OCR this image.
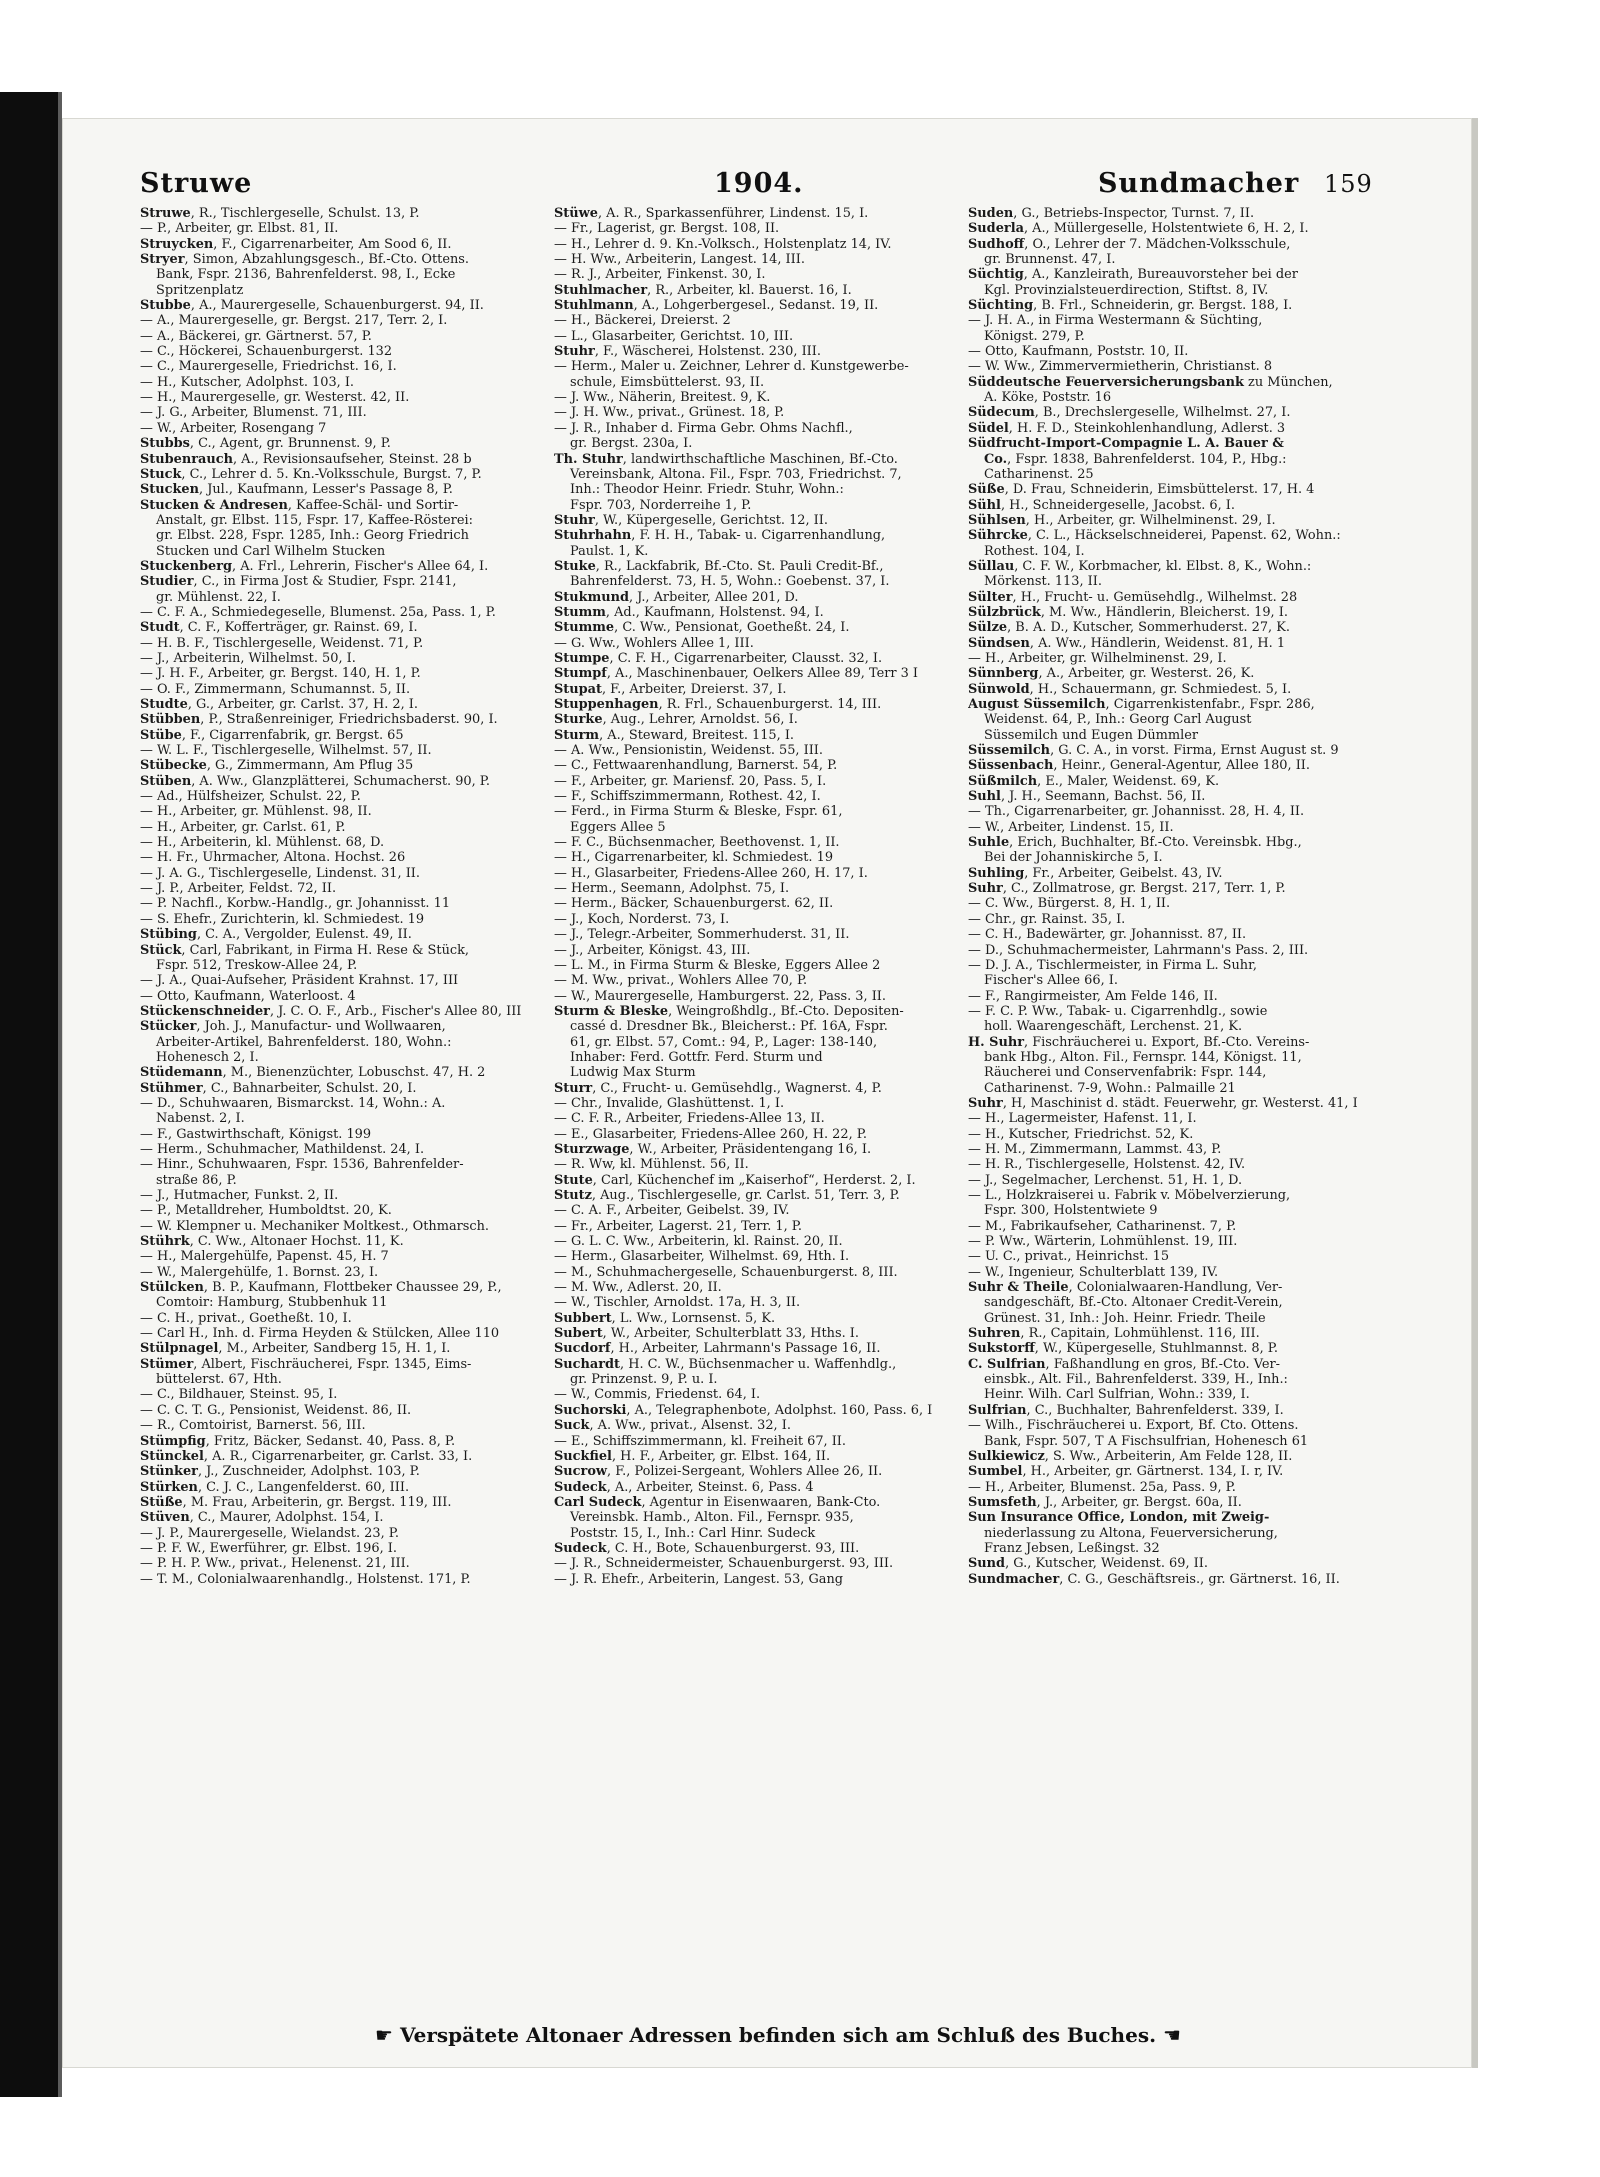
Struwe	1904.	Sundmacher 159
Struwe, R., Tischlergeselle, Schulst. 13, P.
— P., Arbeiter, gr. Elbst. 81, II.
Struycken, F., Cigarrenarbeiter, Am Sood 6, II.
Stryer, Simon, Abzahlungsgesch., Bf.-Cto. Ottens.
Bank, Fspr. 2136, Bahrenfelderst. 98, I., Ecke
Spritzenplatz
Stubbe, A., Maurergeselle, Schauenburgerst. 94, II.
— A., Maurergeselle, gr. Bergst. 217, Terr. 2, I.
— A., Bäckerei, gr. Gärtnerst. 57, P.
— C., Höckerei, Schauenburgerst. 132
— C., Maurergeselle, Friedrichst. 16, I.
— H., Kutscher, Adolphst. 103, I.
— H., Maurergeselle, gr. Westerst. 42, II.
— J. G., Arbeiter, Blumenst. 71, III.
— W., Arbeiter, Rosengang 7
Stubbs, C., Agent, gr. Brunnenst. 9, P.
Stubenrauch, A., Revisionsaufseher, Steinst. 28 b
Stuck, C., Lehrer d. 5. Kn.-Volksschule, Burgst. 7, P.
Stucken, Jul., Kaufmann, Lesser's Passage 8, P.
Stucken & Andresen, Kaffee-Schäl- und Sortir-
Anstalt, gr. Elbst. 115, Fspr. 17, Kaffee-Rösterei:
gr. Elbst. 228, Fspr. 1285, Inh.: Georg Friedrich
Stucken und Carl Wilhelm Stucken
Stuckenberg, A. Frl., Lehrerin, Fischer's Allee 64, I.
Studier, C., in Firma Jost & Studier, Fspr. 2141,
gr. Mühlenst. 22, I.
— C. F. A., Schmiedegeselle, Blumenst. 25a, Pass. 1, P.
Studt, C. F., Kofferträger, gr. Rainst. 69, I.
— H. B. F., Tischlergeselle, Weidenst. 71, P.
— J., Arbeiterin, Wilhelmst. 50, I.
— J. H. F., Arbeiter, gr. Bergst. 140, H. 1, P.
— O. F., Zimmermann, Schumannst. 5, II.
Studte, G., Arbeiter, gr. Carlst. 37, H. 2, I.
Stübben, P., Straßenreiniger, Friedrichsbaderst. 90, I.
Stübe, F., Cigarrenfabrik, gr. Bergst. 65
— W. L. F., Tischlergeselle, Wilhelmst. 57, II.
Stübecke, G., Zimmermann, Am Pflug 35
Stüben, A. Ww., Glanzplätterei, Schumacherst. 90, P.
— Ad., Hülfsheizer, Schulst. 22, P.
— H., Arbeiter, gr. Mühlenst. 98, II.
— H., Arbeiter, gr. Carlst. 61, P.
— H., Arbeiterin, kl. Mühlenst. 68, D.
— H. Fr., Uhrmacher, Altona. Hochst. 26
— J. A. G., Tischlergeselle, Lindenst. 31, II.
— J. P., Arbeiter, Feldst. 72, II.
— P. Nachfl., Korbw.-Handlg., gr. Johannisst. 11
— S. Ehefr., Zurichterin, kl. Schmiedest. 19
Stübing, C. A., Vergolder, Eulenst. 49, II.
Stück, Carl, Fabrikant, in Firma H. Rese & Stück,
Fspr. 512, Treskow-Allee 24, P.
— J. A., Quai-Aufseher, Präsident Krahnst. 17, III
— Otto, Kaufmann, Waterloost. 4
Stückenschneider, J. C. O. F., Arb., Fischer's Allee 80, III
Stücker, Joh. J., Manufactur- und Wollwaaren,
Arbeiter-Artikel, Bahrenfelderst. 180, Wohn.:
Hohenesch 2, I.
Stüdemann, M., Bienenzüchter, Lobuschst. 47, H. 2
Stühmer, C., Bahnarbeiter, Schulst. 20, I.
— D., Schuhwaaren, Bismarckst. 14, Wohn.: A.
Nabenst. 2, I.
— F., Gastwirthschaft, Königst. 199
— Herm., Schuhmacher, Mathildenst. 24, I.
— Hinr., Schuhwaaren, Fspr. 1536, Bahrenfelder-
straße 86, P.
— J., Hutmacher, Funkst. 2, II.
— P., Metalldreher, Humboldtst. 20, K.
— W. Klempner u. Mechaniker Moltkest., Othmarsch.
Stührk, C. Ww., Altonaer Hochst. 11, K.
— H., Malergehülfe, Papenst. 45, H. 7
— W., Malergehülfe, 1. Bornst. 23, I.
Stülcken, B. P., Kaufmann, Flottbeker Chaussee 29, P.,
Comtoir: Hamburg, Stubbenhuk 11
— C. H., privat., Goetheßt. 10, I.
— Carl H., Inh. d. Firma Heyden & Stülcken, Allee 110
Stülpnagel, M., Arbeiter, Sandberg 15, H. 1, I.
Stümer, Albert, Fischräucherei, Fspr. 1345, Eims-
büttelerst. 67, Hth.
— C., Bildhauer, Steinst. 95, I.
— C. C. T. G., Pensionist, Weidenst. 86, II.
— R., Comtoirist, Barnerst. 56, III.
Stümpfig, Fritz, Bäcker, Sedanst. 40, Pass. 8, P.
Stünckel, A. R., Cigarrenarbeiter, gr. Carlst. 33, I.
Stünker, J., Zuschneider, Adolphst. 103, P.
Stürken, C. J. C., Langenfelderst. 60, III.
Stüße, M. Frau, Arbeiterin, gr. Bergst. 119, III.
Stüven, C., Maurer, Adolphst. 154, I.
— J. P., Maurergeselle, Wielandst. 23, P.
— P. F. W., Ewerführer, gr. Elbst. 196, I.
— P. H. P. Ww., privat., Helenenst. 21, III.
— T. M., Colonialwaarenhandlg., Holstenst. 171, P.
Stüwe, A. R., Sparkassenführer, Lindenst. 15, I.
— Fr., Lagerist, gr. Bergst. 108, II.
— H., Lehrer d. 9. Kn.-Volksch., Holstenplatz 14, IV.
— H. Ww., Arbeiterin, Langest. 14, III.
— R. J., Arbeiter, Finkenst. 30, I.
Stuhlmacher, R., Arbeiter, kl. Bauerst. 16, I.
Stuhlmann, A., Lohgerbergesel., Sedanst. 19, II.
— H., Bäckerei, Dreierst. 2
— L., Glasarbeiter, Gerichtst. 10, III.
Stuhr, F., Wäscherei, Holstenst. 230, III.
— Herm., Maler u. Zeichner, Lehrer d. Kunstgewerbe-
schule, Eimsbüttelerst. 93, II.
— J. Ww., Näherin, Breitest. 9, K.
— J. H. Ww., privat., Grünest. 18, P.
— J. R., Inhaber d. Firma Gebr. Ohms Nachfl.,
gr. Bergst. 230a, I.
Th. Stuhr, landwirthschaftliche Maschinen, Bf.-Cto.
Vereinsbank, Altona. Fil., Fspr. 703, Friedrichst. 7,
Inh.: Theodor Heinr. Friedr. Stuhr, Wohn.:
Fspr. 703, Norderreihe 1, P.
Stuhr, W., Küpergeselle, Gerichtst. 12, II.
Stuhrhahn, F. H. H., Tabak- u. Cigarrenhandlung,
Paulst. 1, K.
Stuke, R., Lackfabrik, Bf.-Cto. St. Pauli Credit-Bf.,
Bahrenfelderst. 73, H. 5, Wohn.: Goebenst. 37, I.
Stukmund, J., Arbeiter, Allee 201, D.
Stumm, Ad., Kaufmann, Holstenst. 94, I.
Stumme, C. Ww., Pensionat, Goetheßt. 24, I.
— G. Ww., Wohlers Allee 1, III.
Stumpe, C. F. H., Cigarrenarbeiter, Clausst. 32, I.
Stumpf, A., Maschinenbauer, Oelkers Allee 89, Terr 3 I
Stupat, F., Arbeiter, Dreierst. 37, I.
Stuppenhagen, R. Frl., Schauenburgerst. 14, III.
Sturke, Aug., Lehrer, Arnoldst. 56, I.
Sturm, A., Steward, Breitest. 115, I.
— A. Ww., Pensionistin, Weidenst. 55, III.
— C., Fettwaarenhandlung, Barnerst. 54, P.
— F., Arbeiter, gr. Mariensf. 20, Pass. 5, I.
— F., Schiffszimmermann, Rothest. 42, I.
— Ferd., in Firma Sturm & Bleske, Fspr. 61,
Eggers Allee 5
— F. C., Büchsenmacher, Beethovenst. 1, II.
— H., Cigarrenarbeiter, kl. Schmiedest. 19
— H., Glasarbeiter, Friedens-Allee 260, H. 17, I.
— Herm., Seemann, Adolphst. 75, I.
— Herm., Bäcker, Schauenburgerst. 62, II.
— J., Koch, Norderst. 73, I.
— J., Telegr.-Arbeiter, Sommerhuderst. 31, II.
— J., Arbeiter, Königst. 43, III.
— L. M., in Firma Sturm & Bleske, Eggers Allee 2
— M. Ww., privat., Wohlers Allee 70, P.
— W., Maurergeselle, Hamburgerst. 22, Pass. 3, II.
Sturm & Bleske, Weingroßhdlg., Bf.-Cto. Depositen-
cassé d. Dresdner Bk., Bleicherst.: Pf. 16A, Fspr.
61, gr. Elbst. 57, Comt.: 94, P., Lager: 138-140,
Inhaber: Ferd. Gottfr. Ferd. Sturm und
Ludwig Max Sturm
Sturr, C., Frucht- u. Gemüsehdlg., Wagnerst. 4, P.
— Chr., Invalide, Glashüttenst. 1, I.
— C. F. R., Arbeiter, Friedens-Allee 13, II.
— E., Glasarbeiter, Friedens-Allee 260, H. 22, P.
Sturzwage, W., Arbeiter, Präsidentengang 16, I.
— R. Ww, kl. Mühlenst. 56, II.
Stute, Carl, Küchenchef im „Kaiserhof“, Herderst. 2, I.
Stutz, Aug., Tischlergeselle, gr. Carlst. 51, Terr. 3, P.
— C. A. F., Arbeiter, Geibelst. 39, IV.
— Fr., Arbeiter, Lagerst. 21, Terr. 1, P.
— G. L. C. Ww., Arbeiterin, kl. Rainst. 20, II.
— Herm., Glasarbeiter, Wilhelmst. 69, Hth. I.
— M., Schuhmachergeselle, Schauenburgerst. 8, III.
— M. Ww., Adlerst. 20, II.
— W., Tischler, Arnoldst. 17a, H. 3, II.
Subbert, L. Ww., Lornsenst. 5, K.
Subert, W., Arbeiter, Schulterblatt 33, Hths. I.
Sucdorf, H., Arbeiter, Lahrmann's Passage 16, II.
Suchardt, H. C. W., Büchsenmacher u. Waffenhdlg.,
gr. Prinzenst. 9, P. u. I.
— W., Commis, Friedenst. 64, I.
Suchorski, A., Telegraphenbote, Adolphst. 160, Pass. 6, I
Suck, A. Ww., privat., Alsenst. 32, I.
— E., Schiffszimmermann, kl. Freiheit 67, II.
Suckfiel, H. F., Arbeiter, gr. Elbst. 164, II.
Sucrow, F., Polizei-Sergeant, Wohlers Allee 26, II.
Sudeck, A., Arbeiter, Steinst. 6, Pass. 4
Carl Sudeck, Agentur in Eisenwaaren, Bank-Cto.
Vereinsbk. Hamb., Alton. Fil., Fernspr. 935,
Poststr. 15, I., Inh.: Carl Hinr. Sudeck
Sudeck, C. H., Bote, Schauenburgerst. 93, III.
— J. R., Schneidermeister, Schauenburgerst. 93, III.
— J. R. Ehefr., Arbeiterin, Langest. 53, Gang
Suden, G., Betriebs-Inspector, Turnst. 7, II.
Suderla, A., Müllergeselle, Holstentwiete 6, H. 2, I.
Sudhoff, O., Lehrer der 7. Mädchen-Volksschule,
gr. Brunnenst. 47, I.
Süchtig, A., Kanzleirath, Bureauvorsteher bei der
Kgl. Provinzialsteuerdirection, Stiftst. 8, IV.
Süchting, B. Frl., Schneiderin, gr. Bergst. 188, I.
— J. H. A., in Firma Westermann & Süchting,
Königst. 279, P.
— Otto, Kaufmann, Poststr. 10, II.
— W. Ww., Zimmervermietherin, Christianst. 8
Süddeutsche Feuerversicherungsbank zu München,
A. Köke, Poststr. 16
Südecum, B., Drechslergeselle, Wilhelmst. 27, I.
Südel, H. F. D., Steinkohlenhandlung, Adlerst. 3
Südfrucht-Import-Compagnie L. A. Bauer &
Co., Fspr. 1838, Bahrenfelderst. 104, P., Hbg.:
Catharinenst. 25
Süße, D. Frau, Schneiderin, Eimsbüttelerst. 17, H. 4
Sühl, H., Schneidergeselle, Jacobst. 6, I.
Sühlsen, H., Arbeiter, gr. Wilhelminenst. 29, I.
Sührcke, C. L., Häckselschneiderei, Papenst. 62, Wohn.:
Rothest. 104, I.
Süllau, C. F. W., Korbmacher, kl. Elbst. 8, K., Wohn.:
Mörkenst. 113, II.
Sülter, H., Frucht- u. Gemüsehdlg., Wilhelmst. 28
Sülzbrück, M. Ww., Händlerin, Bleicherst. 19, I.
Sülze, B. A. D., Kutscher, Sommerhuderst. 27, K.
Sündsen, A. Ww., Händlerin, Weidenst. 81, H. 1
— H., Arbeiter, gr. Wilhelminenst. 29, I.
Sünnberg, A., Arbeiter, gr. Westerst. 26, K.
Sünwold, H., Schauermann, gr. Schmiedest. 5, I.
August Süssemilch, Cigarrenkistenfabr., Fspr. 286,
Weidenst. 64, P., Inh.: Georg Carl August
Süssemilch und Eugen Dümmler
Süssemilch, G. C. A., in vorst. Firma, Ernst August st. 9
Süssenbach, Heinr., General-Agentur, Allee 180, II.
Süßmilch, E., Maler, Weidenst. 69, K.
Suhl, J. H., Seemann, Bachst. 56, II.
— Th., Cigarrenarbeiter, gr. Johannisst. 28, H. 4, II.
— W., Arbeiter, Lindenst. 15, II.
Suhle, Erich, Buchhalter, Bf.-Cto. Vereinsbk. Hbg.,
Bei der Johanniskirche 5, I.
Suhling, Fr., Arbeiter, Geibelst. 43, IV.
Suhr, C., Zollmatrose, gr. Bergst. 217, Terr. 1, P.
— C. Ww., Bürgerst. 8, H. 1, II.
— Chr., gr. Rainst. 35, I.
— C. H., Badewärter, gr. Johannisst. 87, II.
— D., Schuhmachermeister, Lahrmann's Pass. 2, III.
— D. J. A., Tischlermeister, in Firma L. Suhr,
Fischer's Allee 66, I.
— F., Rangirmeister, Am Felde 146, II.
— F. C. P. Ww., Tabak- u. Cigarrenhdlg., sowie
holl. Waarengeschäft, Lerchenst. 21, K.
H. Suhr, Fischräucherei u. Export, Bf.-Cto. Vereins-
bank Hbg., Alton. Fil., Fernspr. 144, Königst. 11,
Räucherei und Conservenfabrik: Fspr. 144,
Catharinenst. 7-9, Wohn.: Palmaille 21
Suhr, H, Maschinist d. städt. Feuerwehr, gr. Westerst. 41, I
— H., Lagermeister, Hafenst. 11, I.
— H., Kutscher, Friedrichst. 52, K.
— H. M., Zimmermann, Lammst. 43, P.
— H. R., Tischlergeselle, Holstenst. 42, IV.
— J., Segelmacher, Lerchenst. 51, H. 1, D.
— L., Holzkraiserei u. Fabrik v. Möbelverzierung,
Fspr. 300, Holstentwiete 9
— M., Fabrikaufseher, Catharinenst. 7, P.
— P. Ww., Wärterin, Lohmühlenst. 19, III.
— U. C., privat., Heinrichst. 15
— W., Ingenieur, Schulterblatt 139, IV.
Suhr & Theile, Colonialwaaren-Handlung, Ver-
sandgeschäft, Bf.-Cto. Altonaer Credit-Verein,
Grünest. 31, Inh.: Joh. Heinr. Friedr. Theile
Suhren, R., Capitain, Lohmühlenst. 116, III.
Sukstorff, W., Küpergeselle, Stuhlmannst. 8, P.
C. Sulfrian, Faßhandlung en gros, Bf.-Cto. Ver-
einsbk., Alt. Fil., Bahrenfelderst. 339, H., Inh.:
Heinr. Wilh. Carl Sulfrian, Wohn.: 339, I.
Sulfrian, C., Buchhalter, Bahrenfelderst. 339, I.
— Wilh., Fischräucherei u. Export, Bf. Cto. Ottens.
Bank, Fspr. 507, T A Fischsulfrian, Hohenesch 61
Sulkiewicz, S. Ww., Arbeiterin, Am Felde 128, II.
Sumbel, H., Arbeiter, gr. Gärtnerst. 134, I. r, IV.
— H., Arbeiter, Blumenst. 25a, Pass. 9, P.
Sumsfeth, J., Arbeiter, gr. Bergst. 60a, II.
Sun Insurance Office, London, mit Zweig-
niederlassung zu Altona, Feuerversicherung,
Franz Jebsen, Leßingst. 32
Sund, G., Kutscher, Weidenst. 69, II.
Sundmacher, C. G., Geschäftsreis., gr. Gärtnerst. 16, II.
☛ Verspätete Altonaer Adressen befinden sich am Schluß des Buches. ☚
